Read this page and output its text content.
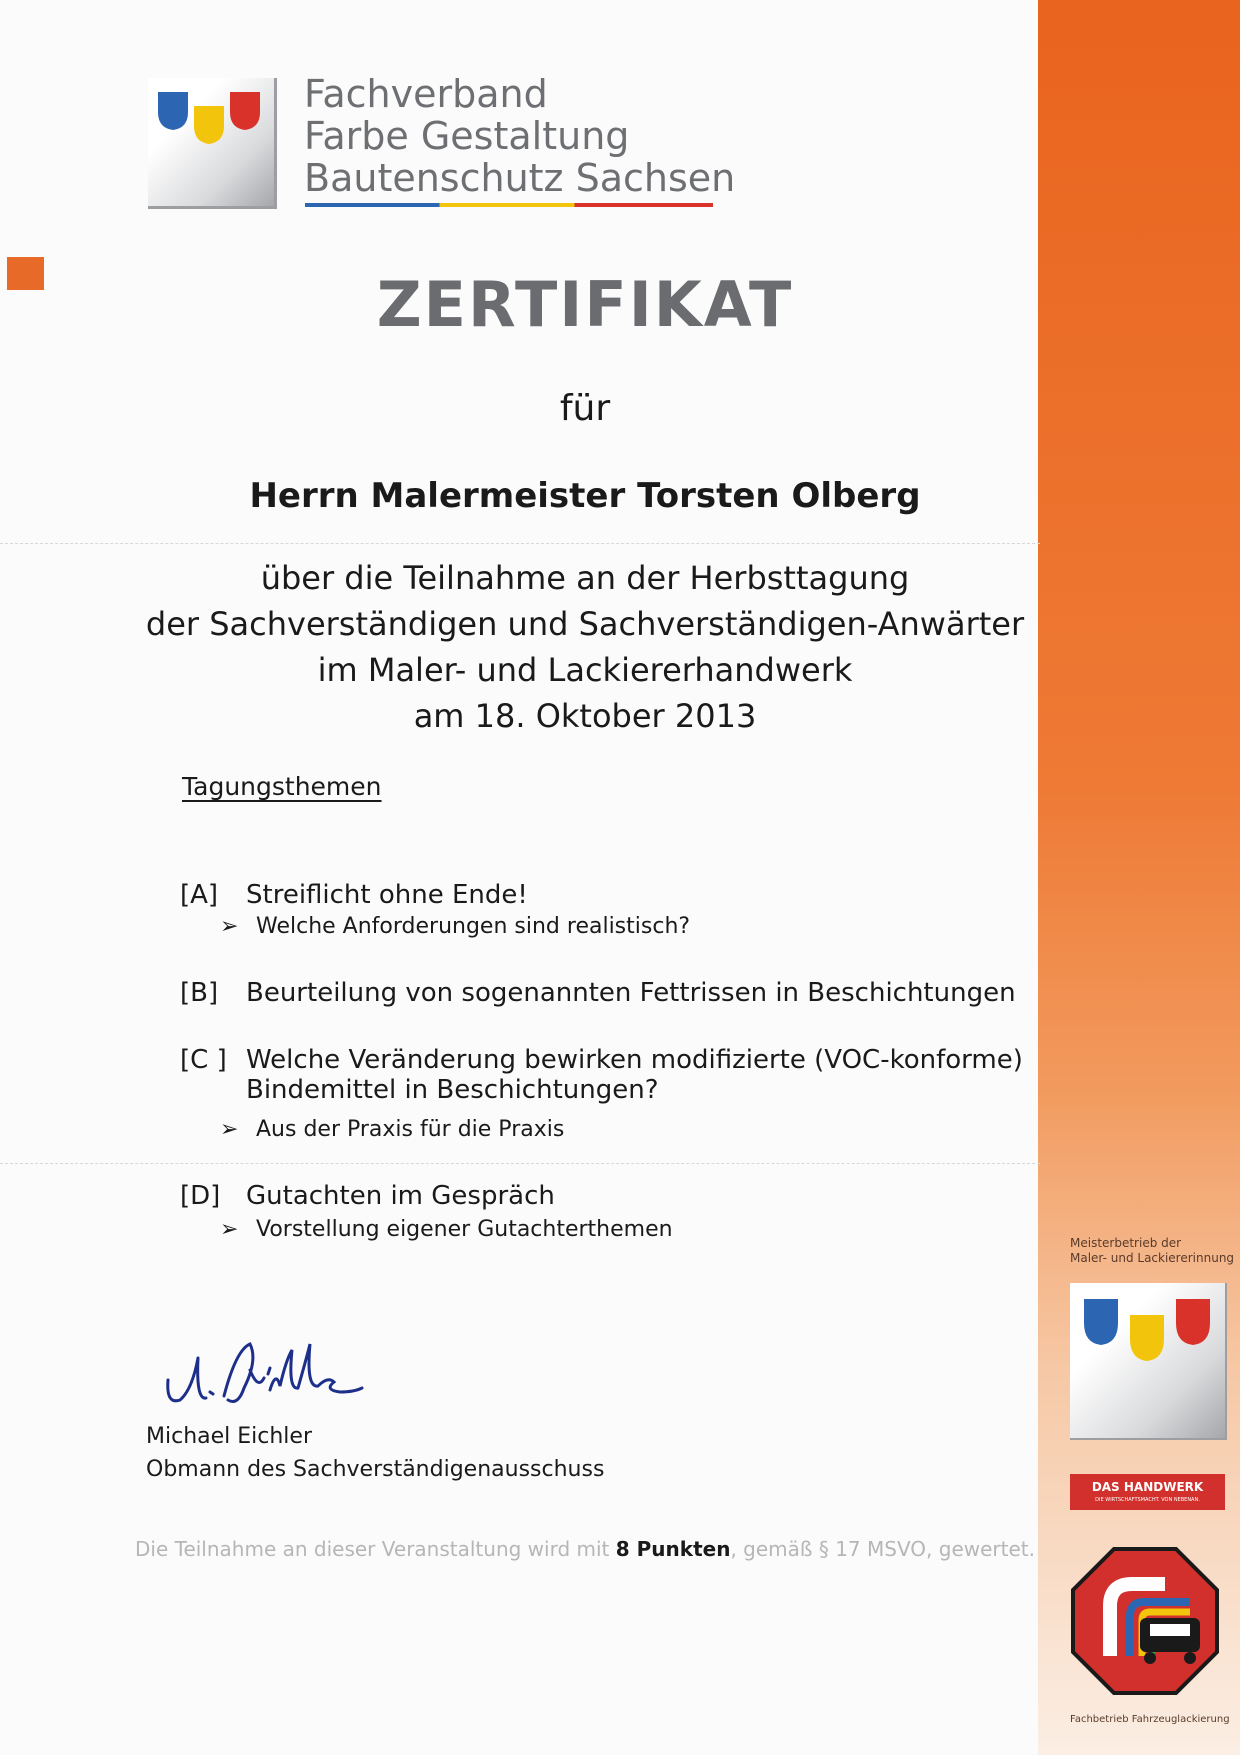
Fachverband
Farbe Gestaltung
Bautenschutz Sachsen
ZERTIFIKAT
für
Herrn Malermeister Torsten Olberg
über die Teilnahme an der Herbsttagung
der Sachverständigen und Sachverständigen-Anwärter
im Maler- und Lackiererhandwerk
am 18. Oktober 2013
Tagungsthemen
[A] Streiflicht ohne Ende!
➢ Welche Anforderungen sind realistisch?
[B] Beurteilung von sogenannten Fettrissen in Beschichtungen
[C ] Welche Veränderung bewirken modifizierte (VOC-konforme)
Bindemittel in Beschichtungen?
➢ Aus der Praxis für die Praxis
[D] Gutachten im Gespräch
➢ Vorstellung eigener Gutachterthemen
Michael Eichler
Obmann des Sachverständigenausschuss
Die Teilnahme an dieser Veranstaltung wird mit 8 Punkten, gemäß § 17 MSVO, gewertet.
Meisterbetrieb der
Maler- und Lackiererinnung
DAS HANDWERK
DIE WIRTSCHAFTSMACHT. VON NEBENAN.
Fachbetrieb Fahrzeuglackierung
